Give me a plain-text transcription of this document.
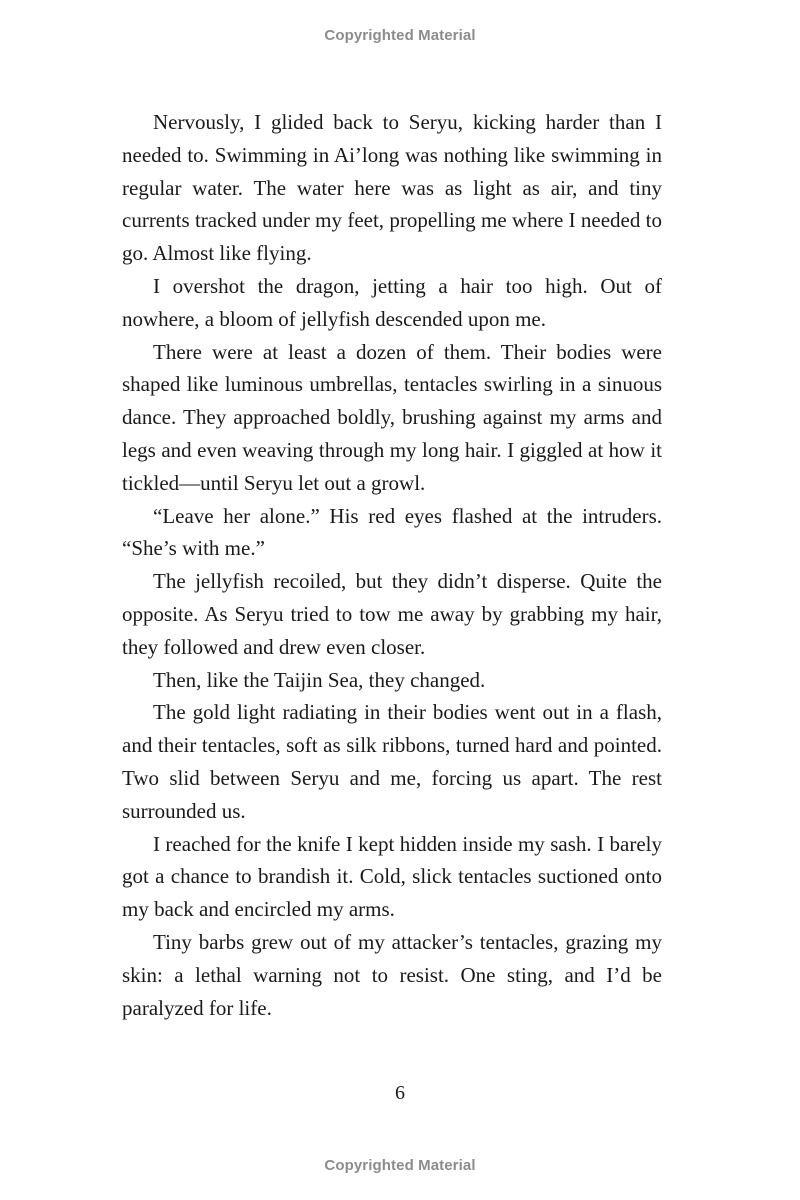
Copyrighted Material

Nervously, I glided back to Seryu, kicking harder than I needed to. Swimming in Ai’long was nothing like swimming in regular water. The water here was as light as air, and tiny currents tracked under my feet, propelling me where I needed to go. Almost like flying.

I overshot the dragon, jetting a hair too high. Out of nowhere, a bloom of jellyfish descended upon me.

There were at least a dozen of them. Their bodies were shaped like luminous umbrellas, tentacles swirling in a sinuous dance. They approached boldly, brushing against my arms and legs and even weaving through my long hair. I giggled at how it tickled—until Seryu let out a growl.

“Leave her alone.” His red eyes flashed at the intruders. “She’s with me.”

The jellyfish recoiled, but they didn’t disperse. Quite the opposite. As Seryu tried to tow me away by grabbing my hair, they followed and drew even closer.

Then, like the Taijin Sea, they changed.

The gold light radiating in their bodies went out in a flash, and their tentacles, soft as silk ribbons, turned hard and pointed. Two slid between Seryu and me, forcing us apart. The rest surrounded us.

I reached for the knife I kept hidden inside my sash. I barely got a chance to brandish it. Cold, slick tentacles suctioned onto my back and encircled my arms.

Tiny barbs grew out of my attacker’s tentacles, grazing my skin: a lethal warning not to resist. One sting, and I’d be paralyzed for life.

6
Copyrighted Material
